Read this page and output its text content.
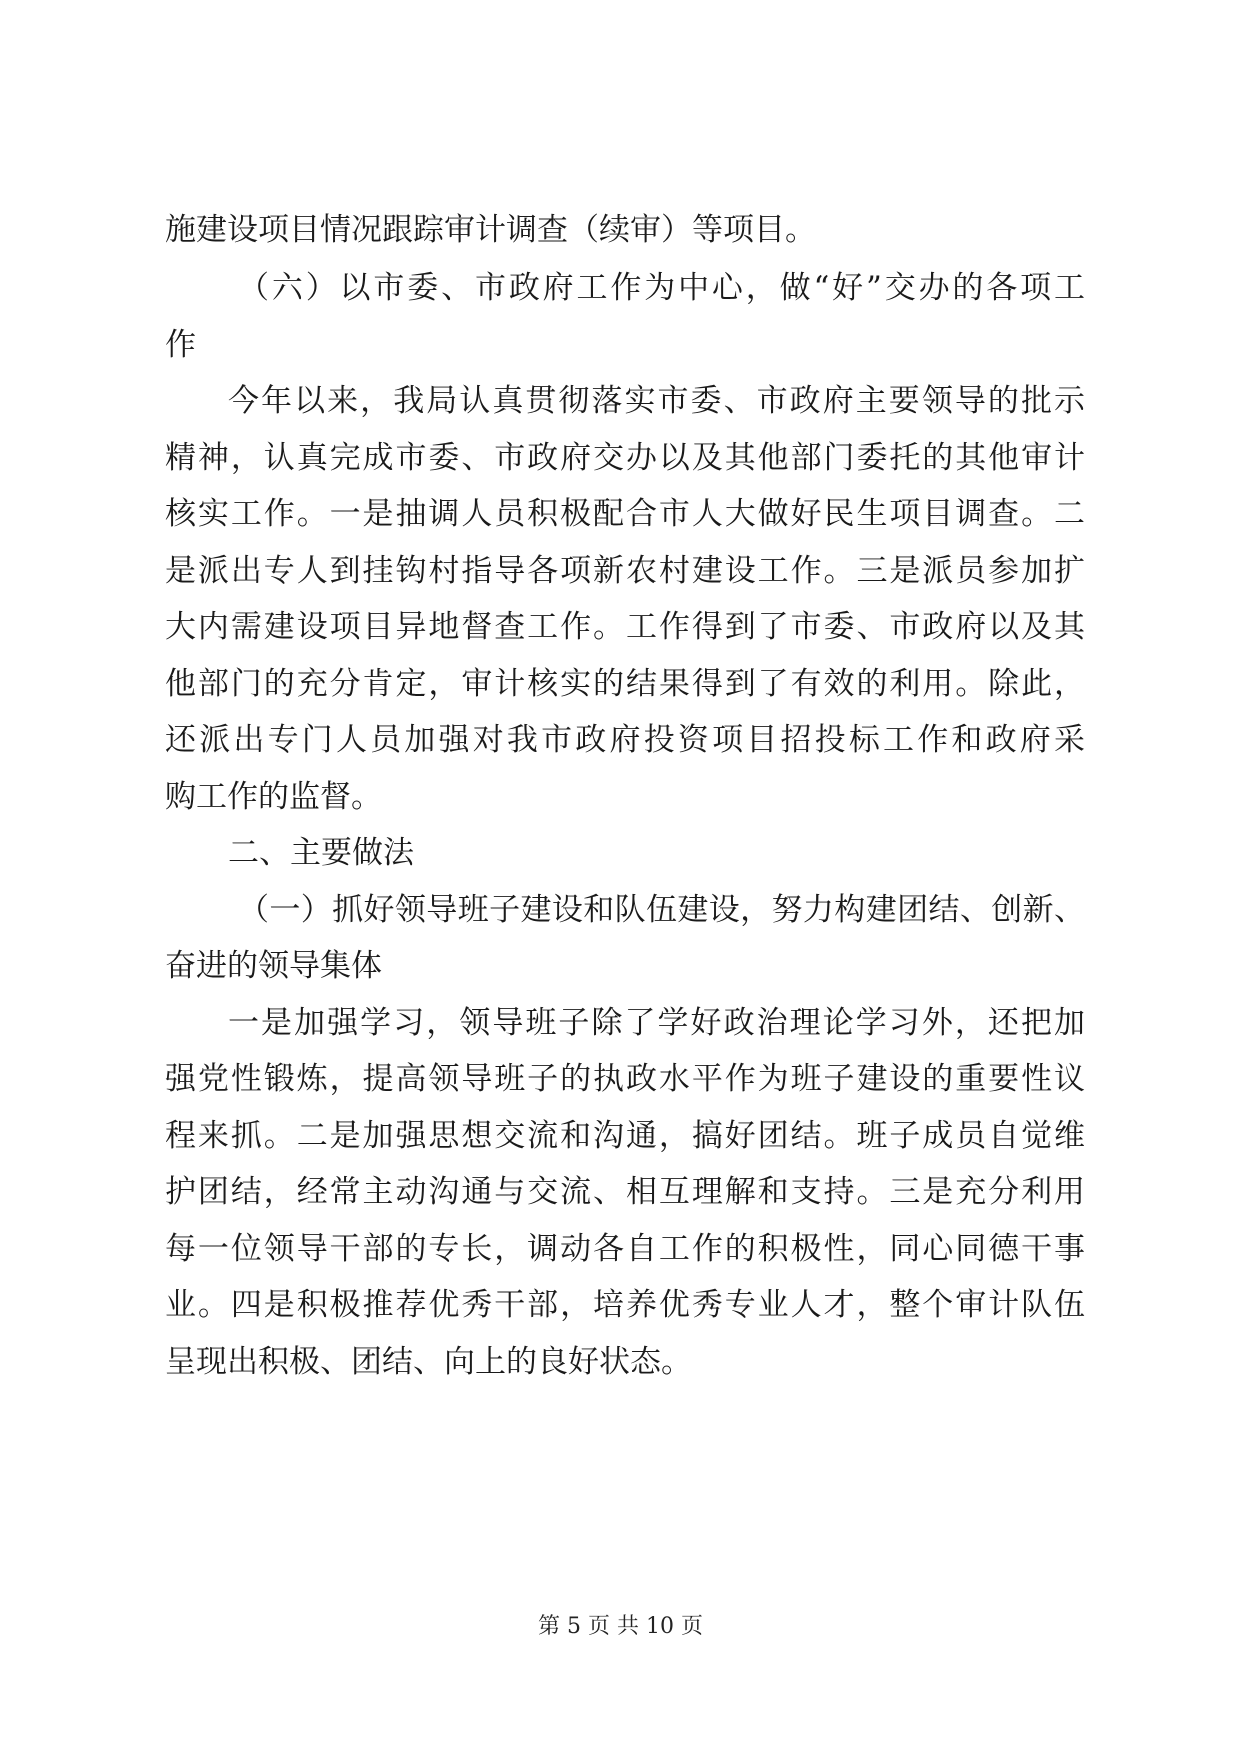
施建设项目情况跟踪审计调查（续审）等项目。
（六）以市委、市政府工作为中心，做“好”交办的各项工
作
今年以来，我局认真贯彻落实市委、市政府主要领导的批示
精神，认真完成市委、市政府交办以及其他部门委托的其他审计
核实工作。一是抽调人员积极配合市人大做好民生项目调查。二
是派出专人到挂钩村指导各项新农村建设工作。三是派员参加扩
大内需建设项目异地督查工作。工作得到了市委、市政府以及其
他部门的充分肯定，审计核实的结果得到了有效的利用。除此，
还派出专门人员加强对我市政府投资项目招投标工作和政府采
购工作的监督。
二、主要做法
（一）抓好领导班子建设和队伍建设，努力构建团结、创新、
奋进的领导集体
一是加强学习，领导班子除了学好政治理论学习外，还把加
强党性锻炼，提高领导班子的执政水平作为班子建设的重要性议
程来抓。二是加强思想交流和沟通，搞好团结。班子成员自觉维
护团结，经常主动沟通与交流、相互理解和支持。三是充分利用
每一位领导干部的专长，调动各自工作的积极性，同心同德干事
业。四是积极推荐优秀干部，培养优秀专业人才，整个审计队伍
呈现出积极、团结、向上的良好状态。
第 5 页 共 10 页
